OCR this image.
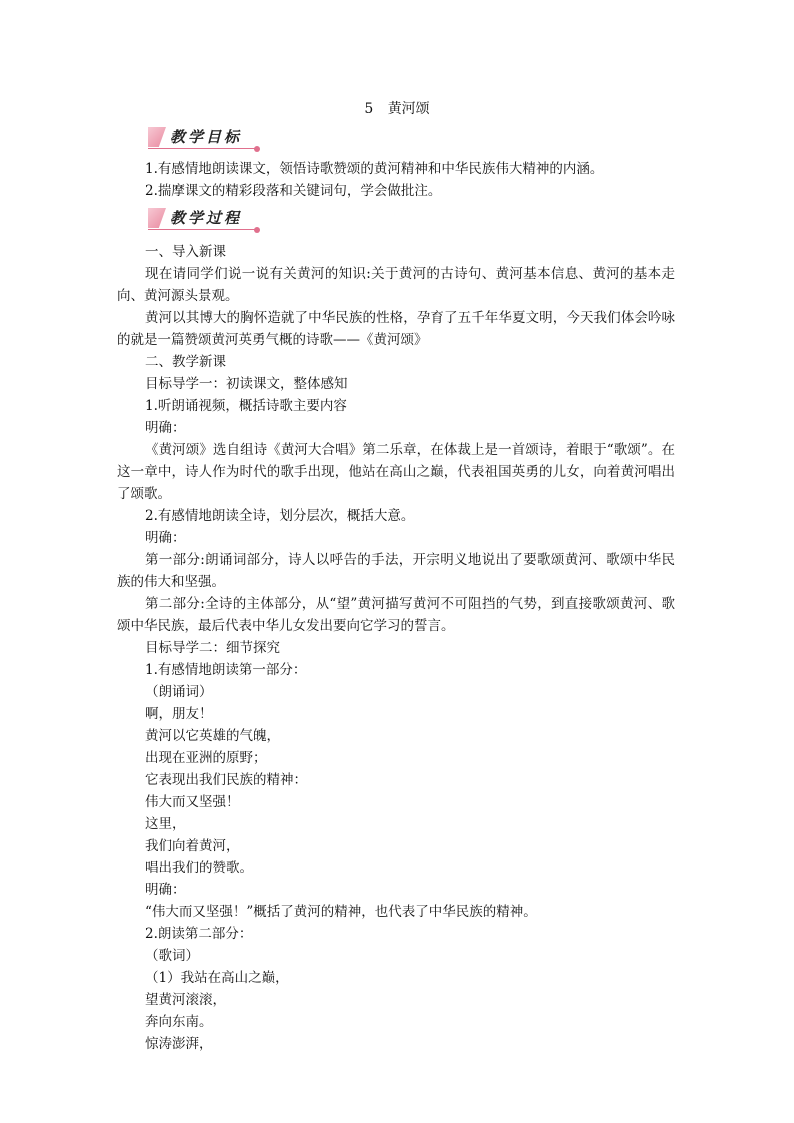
5 黄河颂
教学目标
1.有感情地朗读课文，领悟诗歌赞颂的黄河精神和中华民族伟大精神的内涵。
2.揣摩课文的精彩段落和关键词句，学会做批注。
教学过程
一、导入新课
现在请同学们说一说有关黄河的知识:关于黄河的古诗句、黄河基本信息、黄河的基本走向、黄河源头景观。
黄河以其博大的胸怀造就了中华民族的性格，孕育了五千年华夏文明，今天我们体会吟咏的就是一篇赞颂黄河英勇气概的诗歌——《黄河颂》
二、教学新课
目标导学一：初读课文，整体感知
1.听朗诵视频，概括诗歌主要内容
明确：
《黄河颂》选自组诗《黄河大合唱》第二乐章，在体裁上是一首颂诗，着眼于“歌颂”。在这一章中，诗人作为时代的歌手出现，他站在高山之巅，代表祖国英勇的儿女，向着黄河唱出了颂歌。
2.有感情地朗读全诗，划分层次，概括大意。
明确：
第一部分:朗诵词部分，诗人以呼告的手法，开宗明义地说出了要歌颂黄河、歌颂中华民族的伟大和坚强。
第二部分:全诗的主体部分，从“望”黄河描写黄河不可阻挡的气势，到直接歌颂黄河、歌颂中华民族，最后代表中华儿女发出要向它学习的誓言。
目标导学二：细节探究
1.有感情地朗读第一部分：
（朗诵词）
啊，朋友！
黄河以它英雄的气魄，
出现在亚洲的原野；
它表现出我们民族的精神：
伟大而又坚强！
这里，
我们向着黄河，
唱出我们的赞歌。
明确：
“伟大而又坚强！”概括了黄河的精神，也代表了中华民族的精神。
2.朗读第二部分：
（歌词）
（1）我站在高山之巅，
望黄河滚滚，
奔向东南。
惊涛澎湃，
